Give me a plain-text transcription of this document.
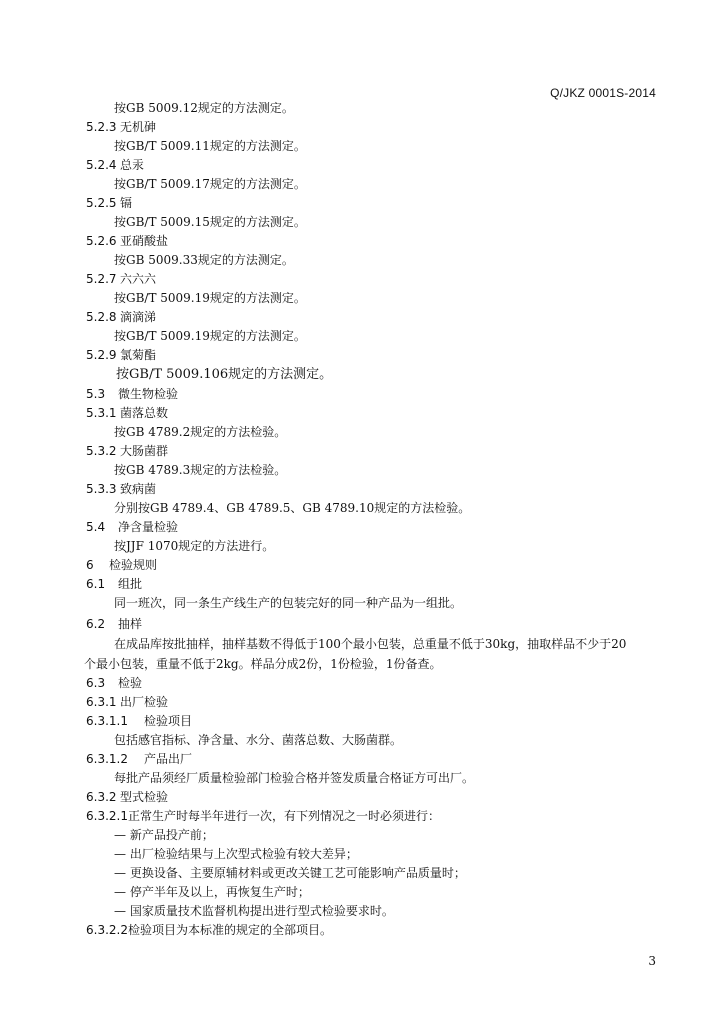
Q/JKZ 0001S-2014
按GB 5009.12规定的方法测定。
5.2.3 无机砷
按GB/T 5009.11规定的方法测定。
5.2.4 总汞
按GB/T 5009.17规定的方法测定。
5.2.5 镉
按GB/T 5009.15规定的方法测定。
5.2.6 亚硝酸盐
按GB 5009.33规定的方法测定。
5.2.7 六六六
按GB/T 5009.19规定的方法测定。
5.2.8 滴滴涕
按GB/T 5009.19规定的方法测定。
5.2.9 氯菊酯
按GB/T 5009.106规定的方法测定。
5.3 微生物检验
5.3.1 菌落总数
按GB 4789.2规定的方法检验。
5.3.2 大肠菌群
按GB 4789.3规定的方法检验。
5.3.3 致病菌
分别按GB 4789.4、GB 4789.5、GB 4789.10规定的方法检验。
5.4 净含量检验
按JJF 1070规定的方法进行。
6 检验规则
6.1 组批
同一班次，同一条生产线生产的包装完好的同一种产品为一组批。
6.2 抽样
在成品库按批抽样，抽样基数不得低于100个最小包装，总重量不低于30kg，抽取样品不少于20
个最小包装，重量不低于2kg。样品分成2份，1份检验，1份备查。
6.3 检验
6.3.1 出厂检验
6.3.1.1 检验项目
包括感官指标、净含量、水分、菌落总数、大肠菌群。
6.3.1.2 产品出厂
每批产品须经厂质量检验部门检验合格并签发质量合格证方可出厂。
6.3.2 型式检验
6.3.2.1正常生产时每半年进行一次，有下列情况之一时必须进行：
— 新产品投产前；
— 出厂检验结果与上次型式检验有较大差异；
— 更换设备、主要原辅材料或更改关键工艺可能影响产品质量时；
— 停产半年及以上，再恢复生产时；
— 国家质量技术监督机构提出进行型式检验要求时。
6.3.2.2检验项目为本标准的规定的全部项目。
3
